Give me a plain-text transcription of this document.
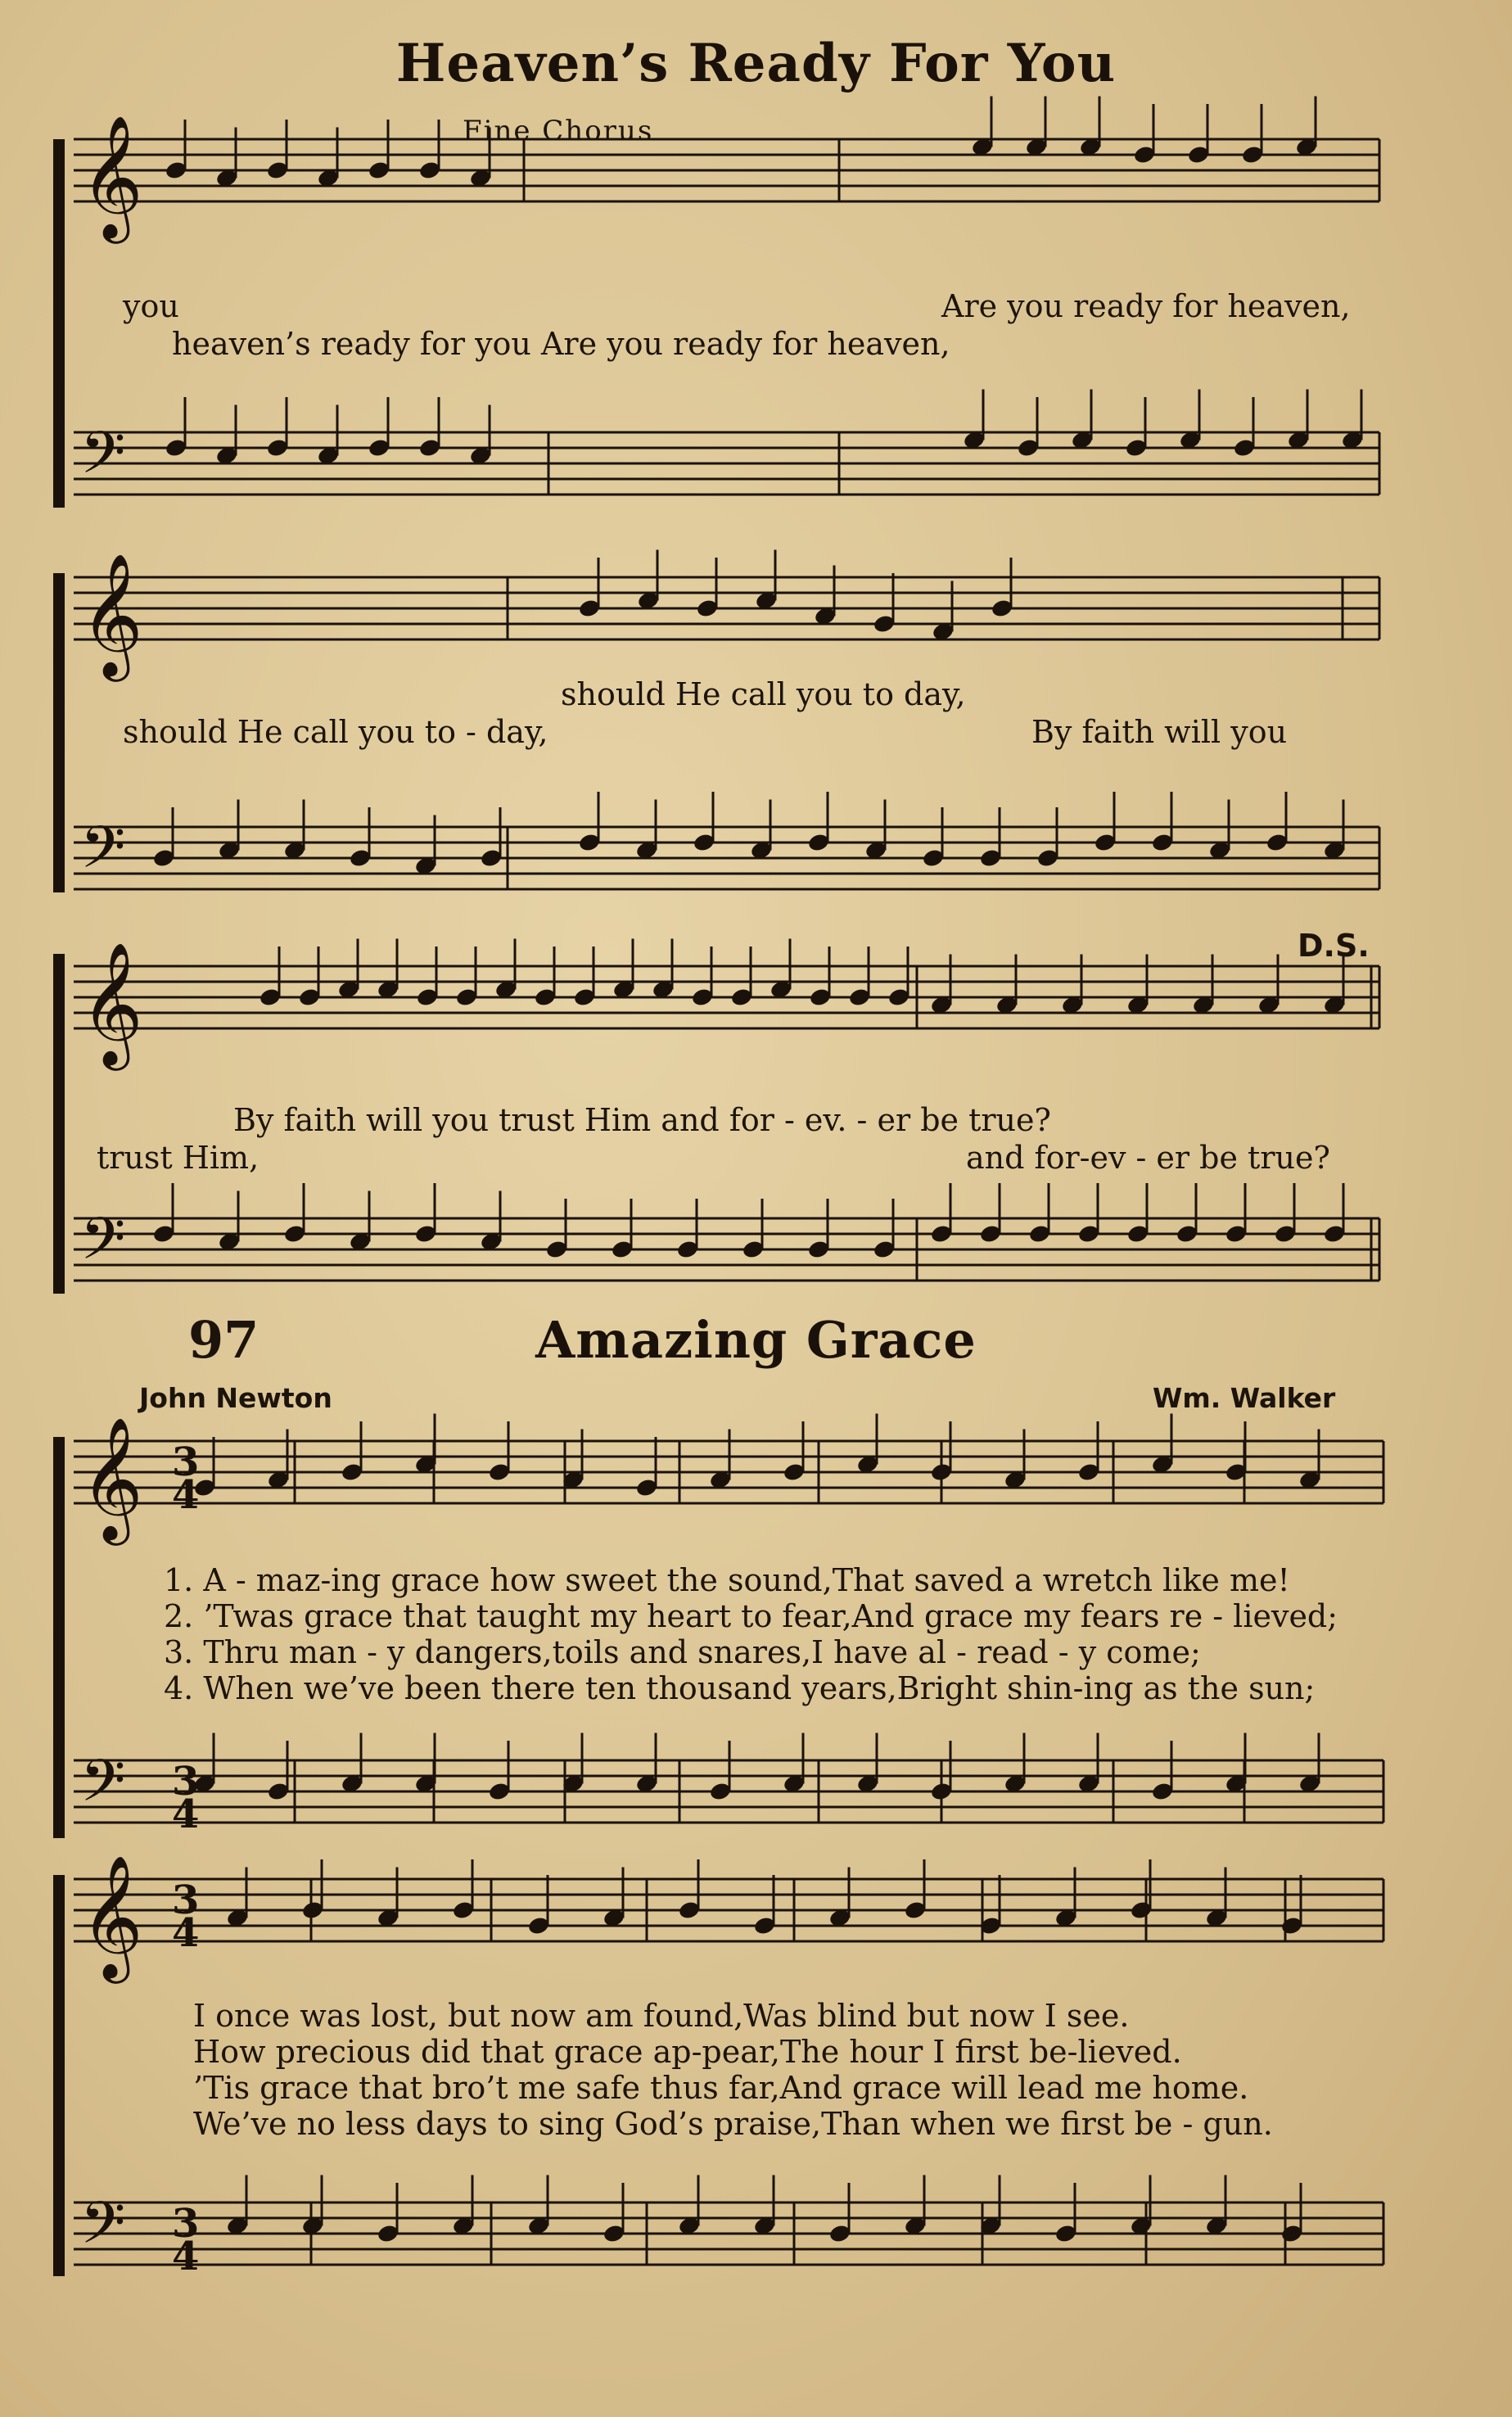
Heaven’s Ready For You
Fine Chorus
𝄞
𝄢
𝄞
𝄢
𝄞
𝄢
𝄞 3
4
𝄢 3
4
𝄞 3
4
𝄢 3
4
you	Are you ready for heaven,
heaven’s ready for you Are you ready for heaven,
should He call you to day,
should He call you to - day,	By faith will you
D.S.
By faith will you trust Him and for - ev. - er be true?
trust Him,	and for-ev - er be true?
97	Amazing Grace
John Newton	Wm. Walker
1. A - maz-ing grace how sweet the sound,That saved a wretch like me!
2. ’Twas grace that taught my heart to fear,And grace my fears re - lieved;
3. Thru man - y dangers,toils and snares,I have al - read - y come;
4. When we’ve been there ten thousand years,Bright shin-ing as the sun;
I once was lost, but now am found,Was blind but now I see.
How precious did that grace ap-pear,The hour I first be-lieved.
’Tis grace that bro’t me safe thus far,And grace will lead me home.
We’ve no less days to sing God’s praise,Than when we first be - gun.
